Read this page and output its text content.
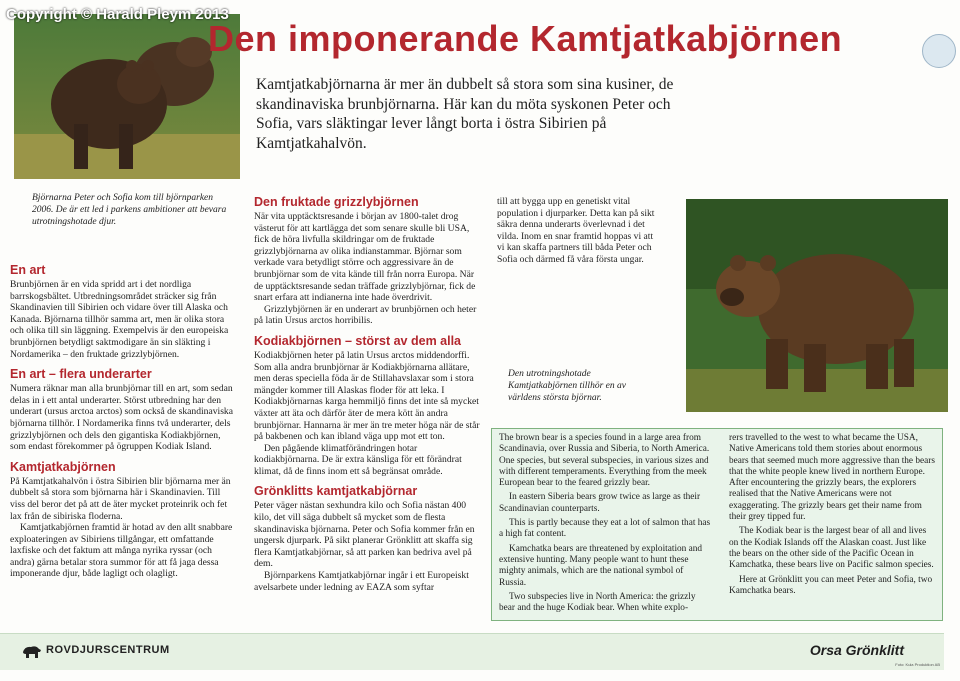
Copyright © Harald Pleym 2013
Den imponerande Kamtjatkabjörnen
Kamtjatkabjörnarna är mer än dubbelt så stora som sina kusiner, de skandinaviska brunbjörnarna. Här kan du möta syskonen Peter och Sofia, vars släktingar lever långt borta i östra Sibirien på Kamtjatkahalvön.
Björnarna Peter och Sofia kom till björnparken 2006. De är ett led i parkens ambitioner att bevara utrotningshotade djur.
En art

Brunbjörnen är en vida spridd art i det nordliga barrskogsbältet. Utbredningsområdet sträcker sig från Skandinavien till Sibirien och vidare över till Alaska och Kanada. Björnarna tillhör samma art, men är olika stora och olika till sin läggning. Exempelvis är den europeiska brunbjörnen betydligt saktmodigare än sin släkting i Nordamerika – den fruktade grizzlybjörnen.

En art – flera underarter

Numera räknar man alla brunbjörnar till en art, som sedan delas in i ett antal underarter. Störst utbredning har den underart (ursus arctoa arctos) som också de skandinaviska björnarna tillhör. I Nordamerika finns två underarter, dels grizzlybjörnen och dels den gigantiska Kodiakbjörnen, som endast förekommer på ögruppen Kodiak Island.

Kamtjatkabjörnen

På Kamtjatkahalvön i östra Sibirien blir björnarna mer än dubbelt så stora som björnarna här i Skandinavien. Till viss del beror det på att de äter mycket proteinrik och fet lax från de sibiriska floderna.

Kamtjatkabjörnen framtid är hotad av den allt snabbare exploateringen av Sibiriens tillgångar, ett omfattande laxfiske och det faktum att många nyrika ryssar (och andra) gärna betalar stora summor för att få jaga dessa imponerande djur, både lagligt och olagligt.

Den fruktade grizzlybjörnen

När vita upptäcktsresande i början av 1800-talet drog västerut för att kartlägga det som senare skulle bli USA, fick de höra livfulla skildringar om de fruktade grizzlybjörnarna av olika indianstammar. Björnar som verkade vara betydligt större och aggressivare än de brunbjörnar som de vita kände till från norra Europa. När de upptäcktsresande sedan träffade grizzlybjörnar, fick de snart erfara att indianerna inte hade överdrivit.

Grizzlybjörnen är en underart av brunbjörnen och heter på latin Ursus arctos horribilis.

Kodiakbjörnen – störst av dem alla

Kodiakbjörnen heter på latin Ursus arctos middendorffi. Som alla andra brunbjörnar är Kodiakbjörnarna allätare, men deras speciella föda är de Stillahavslaxar som i stora mängder kommer till Alaskas floder för att leka. I Kodiakbjörnarnas karga hemmiljö finns det inte så mycket växter att äta och därför äter de mera kött än andra brunbjörnar. Hannarna är mer än tre meter höga när de står på bakbenen och kan ibland väga upp mot ett ton.

Den pågående klimatförändringen hotar kodiakbjörnarna. De är extra känsliga för ett förändrat klimat, då de finns inom ett så begränsat område.

Grönklitts kamtjatkabjörnar

Peter väger nästan sexhundra kilo och Sofia nästan 400 kilo, det vill säga dubbelt så mycket som de flesta skandinaviska björnarna. Peter och Sofia kommer från en ungersk djurpark. På sikt planerar Grönklitt att skaffa sig flera Kamtjatkabjörnar, så att parken kan bedriva avel på dem.

Björnparkens Kamtjatkabjörnar ingår i ett Europeiskt avelsarbete under ledning av EAZA som syftar

till att bygga upp en genetiskt vital population i djurparker. Detta kan på sikt säkra denna underarts överlevnad i det vilda. Inom en snar framtid hoppas vi att vi kan skaffa partners till båda Peter och Sofia och därmed få våra första ungar.

Den utrotningshotade Kamtjatkabjörnen tillhör en av världens största björnar.

The brown bear is a species found in a large area from Scandinavia, over Russia and Siberia, to North America. One species, but several subspecies, in various sizes and with different temperaments. Everything from the meek European bear to the feared grizzly bear.

In eastern Siberia bears grow twice as large as their Scandinavian counterparts.

This is partly because they eat a lot of salmon that has a high fat content.

Kamchatka bears are threatened by exploitation and extensive hunting. Many people want to hunt these mighty animals, which are the national symbol of Russia.

Two subspecies live in North America: the grizzly bear and the huge Kodiak bear. When white explo-

rers travelled to the west to what became the USA, Native Americans told them stories about enormous bears that seemed much more aggressive than the bears that the white people knew lived in northern Europe. After encountering the grizzly bears, the explorers realised that the Native Americans were not exaggerating. The grizzly bears get their name from their grey tipped fur.

The Kodiak bear is the largest bear of all and lives on the Kodiak Islands off the Alaskan coast. Just like the bears on the other side of the Pacific Ocean in Kamchatka, these bears live on Pacific salmon species.

Here at Grönklitt you can meet Peter and Sofia, two Kamchatka bears.

ROVDJURSCENTRUM	Orsa Grönklitt
Foto: Kula Produktion AB
